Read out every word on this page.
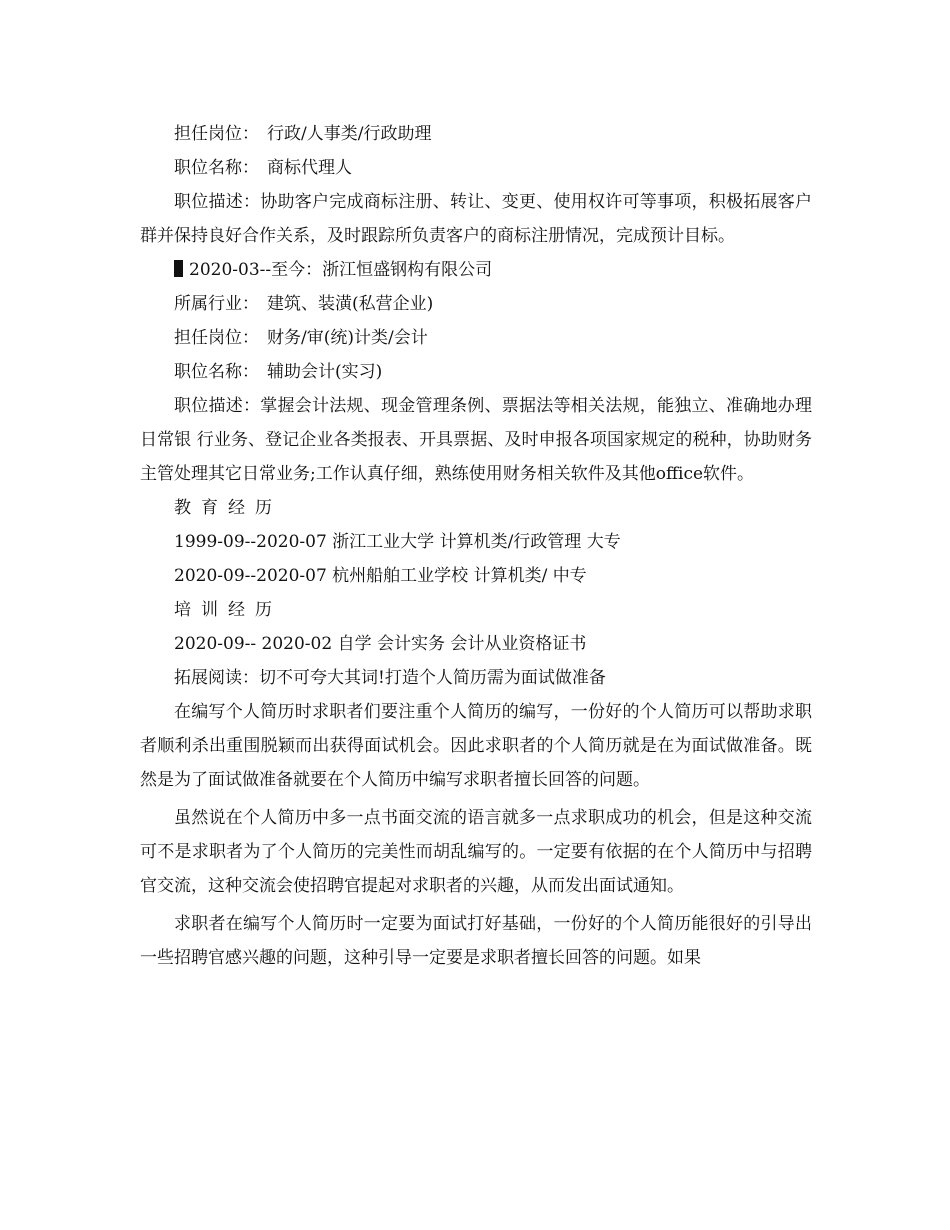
担任岗位： 行政/人事类/行政助理
职位名称： 商标代理人
职位描述：协助客户完成商标注册、转让、变更、使用权许可等事项，积极拓展客户群并保持良好合作关系，及时跟踪所负责客户的商标注册情况，完成预计目标。
2020-03--至今：浙江恒盛钢构有限公司
所属行业： 建筑、装潢(私营企业)
担任岗位： 财务/审(统)计类/会计
职位名称： 辅助会计(实习)
职位描述：掌握会计法规、现金管理条例、票据法等相关法规，能独立、准确地办理日常银 行业务、登记企业各类报表、开具票据、及时申报各项国家规定的税种，协助财务主管处理其它日常业务;工作认真仔细，熟练使用财务相关软件及其他office软件。
教育经历
1999-09--2020-07 浙江工业大学 计算机类/行政管理 大专
2020-09--2020-07 杭州船舶工业学校 计算机类/ 中专
培训经历
2020-09-- 2020-02 自学 会计实务 会计从业资格证书
拓展阅读：切不可夸大其词!打造个人简历需为面试做准备
在编写个人简历时求职者们要注重个人简历的编写，一份好的个人简历可以帮助求职者顺利杀出重围脱颖而出获得面试机会。因此求职者的个人简历就是在为面试做准备。既然是为了面试做准备就要在个人简历中编写求职者擅长回答的问题。
虽然说在个人简历中多一点书面交流的语言就多一点求职成功的机会，但是这种交流可不是求职者为了个人简历的完美性而胡乱编写的。一定要有依据的在个人简历中与招聘官交流，这种交流会使招聘官提起对求职者的兴趣，从而发出面试通知。
求职者在编写个人简历时一定要为面试打好基础，一份好的个人简历能很好的引导出一些招聘官感兴趣的问题，这种引导一定要是求职者擅长回答的问题。如果
